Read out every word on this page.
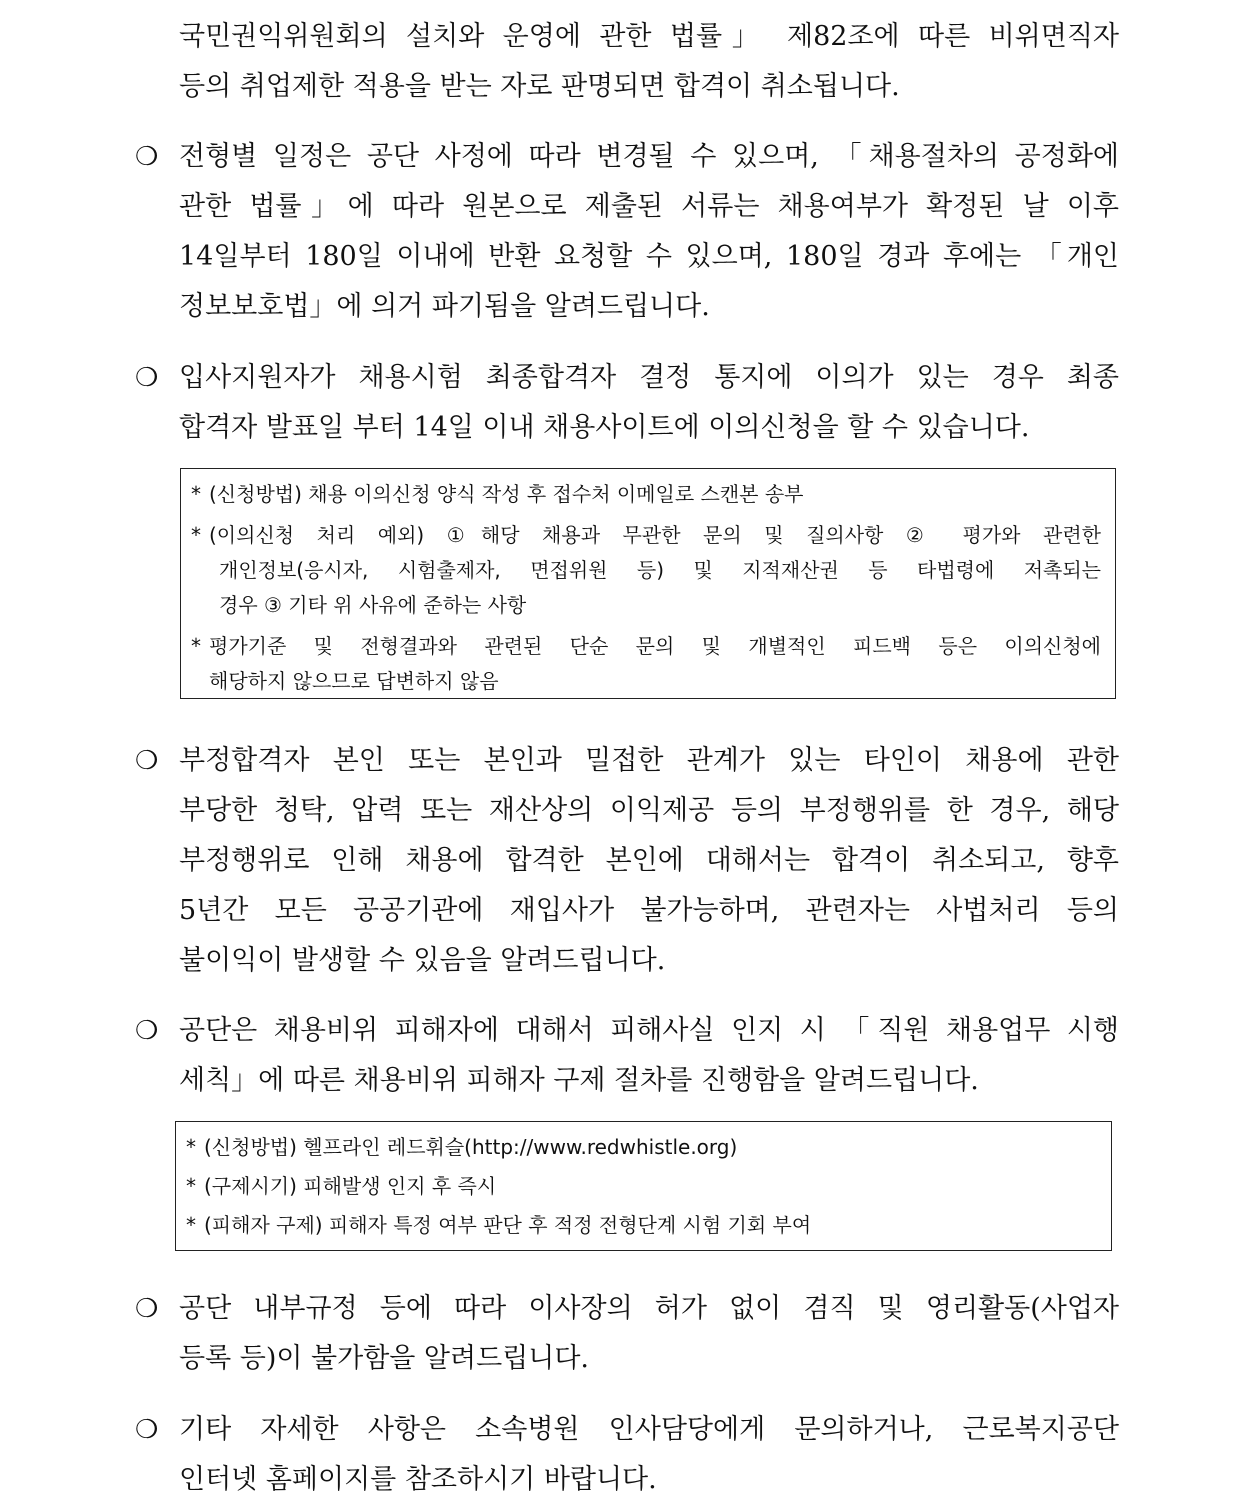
국민권익위원회의 설치와 운영에 관한 법률」 제82조에 따른 비위면직자
등의 취업제한 적용을 받는 자로 판명되면 합격이 취소됩니다.
❍ 전형별 일정은 공단 사정에 따라 변경될 수 있으며, 「채용절차의 공정화에
관한 법률」에 따라 원본으로 제출된 서류는 채용여부가 확정된 날 이후
14일부터 180일 이내에 반환 요청할 수 있으며, 180일 경과 후에는 「개인
정보보호법」에 의거 파기됨을 알려드립니다.
❍ 입사지원자가 채용시험 최종합격자 결정 통지에 이의가 있는 경우 최종
합격자 발표일 부터 14일 이내 채용사이트에 이의신청을 할 수 있습니다.
* (신청방법) 채용 이의신청 양식 작성 후 접수처 이메일로 스캔본 송부
* (이의신청 처리 예외) ①해당 채용과 무관한 문의 및 질의사항 ② 평가와 관련한
개인정보(응시자, 시험출제자, 면접위원 등) 및 지적재산권 등 타법령에 저촉되는
경우 ③ 기타 위 사유에 준하는 사항
* 평가기준 및 전형결과와 관련된 단순 문의 및 개별적인 피드백 등은 이의신청에
해당하지 않으므로 답변하지 않음
❍ 부정합격자 본인 또는 본인과 밀접한 관계가 있는 타인이 채용에 관한
부당한 청탁, 압력 또는 재산상의 이익제공 등의 부정행위를 한 경우, 해당
부정행위로 인해 채용에 합격한 본인에 대해서는 합격이 취소되고, 향후
5년간 모든 공공기관에 재입사가 불가능하며, 관련자는 사법처리 등의
불이익이 발생할 수 있음을 알려드립니다.
❍ 공단은 채용비위 피해자에 대해서 피해사실 인지 시 「직원 채용업무 시행
세칙」에 따른 채용비위 피해자 구제 절차를 진행함을 알려드립니다.
* (신청방법) 헬프라인 레드휘슬(http://www.redwhistle.org)
* (구제시기) 피해발생 인지 후 즉시
* (피해자 구제) 피해자 특정 여부 판단 후 적정 전형단계 시험 기회 부여
❍ 공단 내부규정 등에 따라 이사장의 허가 없이 겸직 및 영리활동(사업자
등록 등)이 불가함을 알려드립니다.
❍ 기타 자세한 사항은 소속병원 인사담당에게 문의하거나, 근로복지공단
인터넷 홈페이지를 참조하시기 바랍니다.
